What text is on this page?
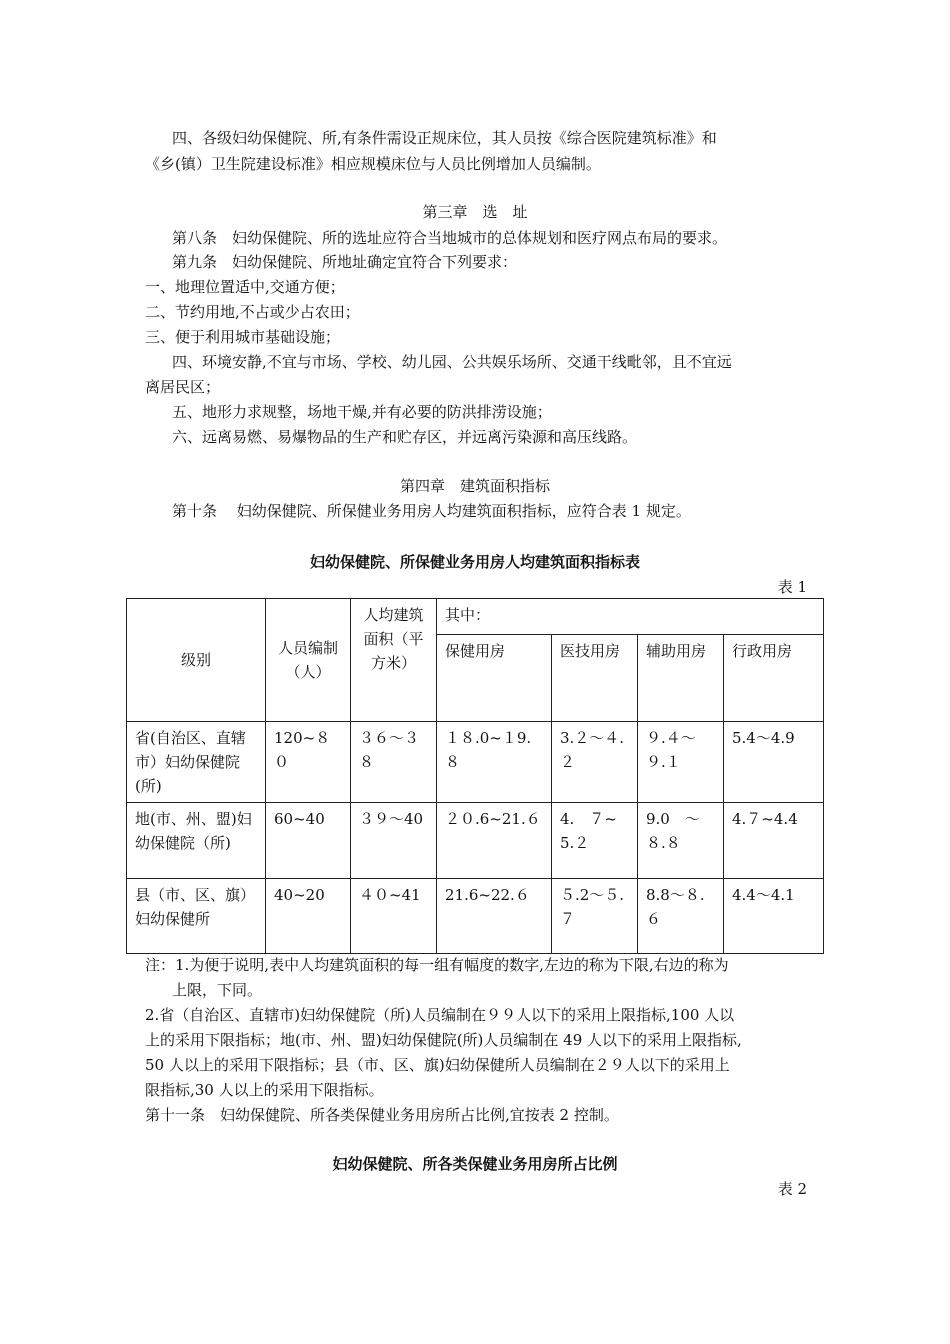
四、各级妇幼保健院、所,有条件需设正规床位，其人员按《综合医院建筑标准》和
《乡(镇）卫生院建设标准》相应规模床位与人员比例增加人员编制。
第三章　选　址
第八条　妇幼保健院、所的选址应符合当地城市的总体规划和医疗网点布局的要求。
第九条　妇幼保健院、所地址确定宜符合下列要求：
一、地理位置适中,交通方便；
二、节约用地,不占或少占农田；
三、便于利用城市基础设施；
四、环境安静,不宜与市场、学校、幼儿园、公共娱乐场所、交通干线毗邻，且不宜远
离居民区；
五、地形力求规整，场地干燥,并有必要的防洪排涝设施；
六、远离易燃、易爆物品的生产和贮存区，并远离污染源和高压线路。
第四章　建筑面积指标
第十条　 妇幼保健院、所保健业务用房人均建筑面积指标，应符合表 1 规定。
妇幼保健院、所保健业务用房人均建筑面积指标表
表 1
级别	人员编制（人）	人均建筑面积（平方米）	其中：			
			保健用房	医技用房	辅助用房	行政用房
省(自治区、直辖市）妇幼保健院(所)	120~８０	３６～３８	１８.0~１9.８	3.２～４.２	９.４～９.１	5.4～4.9
地(市、州、盟)妇幼保健院（所)	60~40	３９～40	２０.6~21.６	4.　７~5.２	9.0　～８.８	4.７~4.4
县（市、区、旗）　妇幼保健所	40~20	４０~41	21.6~22.６	５.2～５.７	8.8～８.６	4.4～4.1
注：1.为便于说明,表中人均建筑面积的每一组有幅度的数字,左边的称为下限,右边的称为
上限，下同。
2.省（自治区、直辖市)妇幼保健院（所)人员编制在９９人以下的采用上限指标,100 人以
上的采用下限指标；地(市、州、盟)妇幼保健院(所)人员编制在 49 人以下的采用上限指标,
50 人以上的采用下限指标；县（市、区、旗)妇幼保健所人员编制在２９人以下的采用上
限指标,30 人以上的采用下限指标。
第十一条　妇幼保健院、所各类保健业务用房所占比例,宜按表 2 控制。
妇幼保健院、所各类保健业务用房所占比例
表 2
